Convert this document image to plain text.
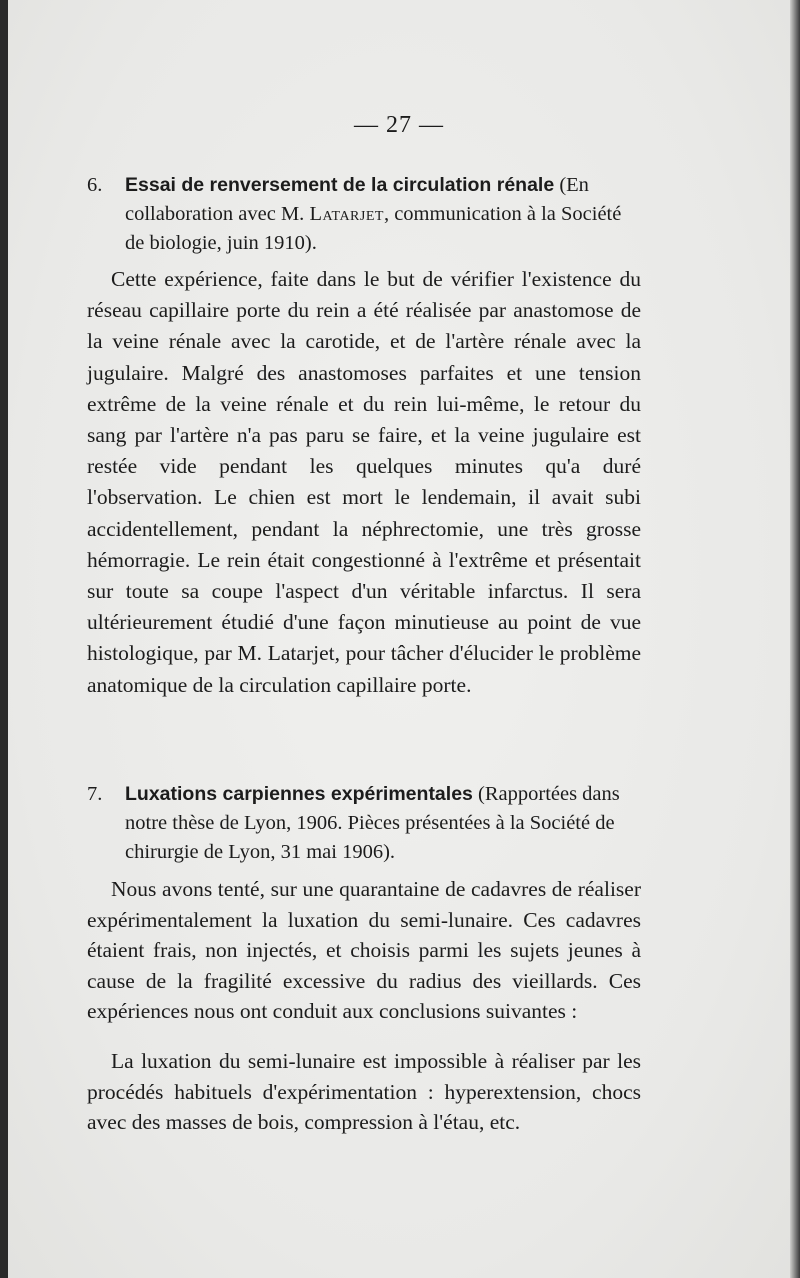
— 27 —
6.	Essai de renversement de la circulation rénale (En collaboration avec M. Latarjet, communication à la Société de biologie, juin 1910).

Cette expérience, faite dans le but de vérifier l'existence du réseau capillaire porte du rein a été réalisée par anastomose de la veine rénale avec la carotide, et de l'artère rénale avec la jugulaire. Malgré des anastomoses parfaites et une tension extrême de la veine rénale et du rein lui-même, le retour du sang par l'artère n'a pas paru se faire, et la veine jugulaire est restée vide pendant les quelques minutes qu'a duré l'observation. Le chien est mort le lendemain, il avait subi accidentellement, pendant la néphrectomie, une très grosse hémorragie. Le rein était congestionné à l'extrême et présentait sur toute sa coupe l'aspect d'un véritable infarctus. Il sera ultérieurement étudié d'une façon minutieuse au point de vue histologique, par M. Latarjet, pour tâcher d'élucider le problème anatomique de la circulation capillaire porte.

7.	Luxations carpiennes expérimentales (Rapportées dans notre thèse de Lyon, 1906. Pièces présentées à la Société de chirurgie de Lyon, 31 mai 1906).

Nous avons tenté, sur une quarantaine de cadavres de réaliser expérimentalement la luxation du semi-lunaire. Ces cadavres étaient frais, non injectés, et choisis parmi les sujets jeunes à cause de la fragilité excessive du radius des vieillards. Ces expériences nous ont conduit aux conclusions suivantes :

La luxation du semi-lunaire est impossible à réaliser par les procédés habituels d'expérimentation : hyperextension, chocs avec des masses de bois, compression à l'étau, etc.
